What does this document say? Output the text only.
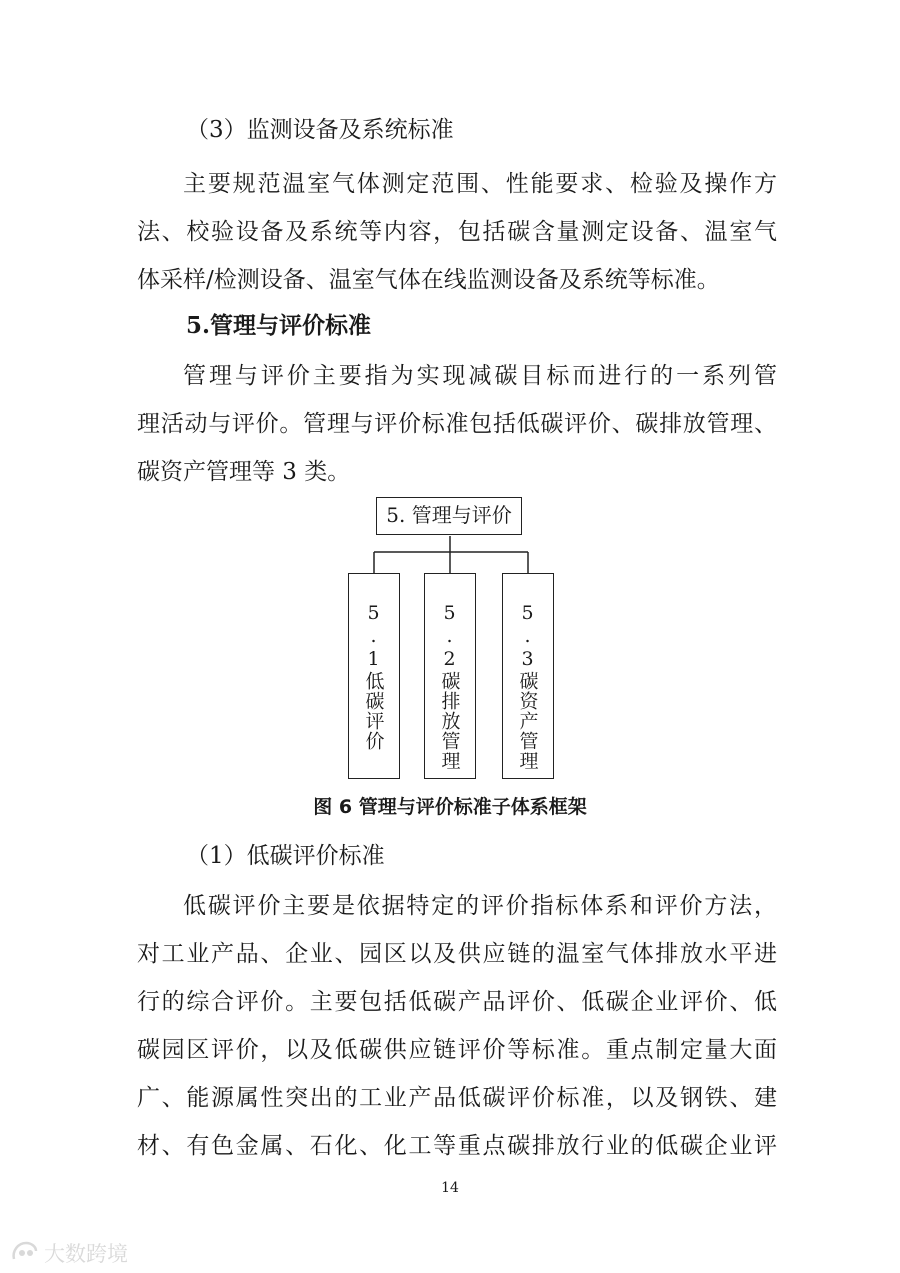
（3）监测设备及系统标准

主要规范温室气体测定范围、性能要求、检验及操作方
法、校验设备及系统等内容，包括碳含量测定设备、温室气
体采样/检测设备、温室气体在线监测设备及系统等标准。

5.管理与评价标准

管理与评价主要指为实现减碳目标而进行的一系列管
理活动与评价。管理与评价标准包括低碳评价、碳排放管理、
碳资产管理等 3 类。

5. 管理与评价
5.1低碳评价	5.2碳排放管理	5.3碳资产管理
图 6 管理与评价标准子体系框架

（1）低碳评价标准

低碳评价主要是依据特定的评价指标体系和评价方法，
对工业产品、企业、园区以及供应链的温室气体排放水平进
行的综合评价。主要包括低碳产品评价、低碳企业评价、低
碳园区评价，以及低碳供应链评价等标准。重点制定量大面
广、能源属性突出的工业产品低碳评价标准，以及钢铁、建
材、有色金属、石化、化工等重点碳排放行业的低碳企业评

14
大数跨境
